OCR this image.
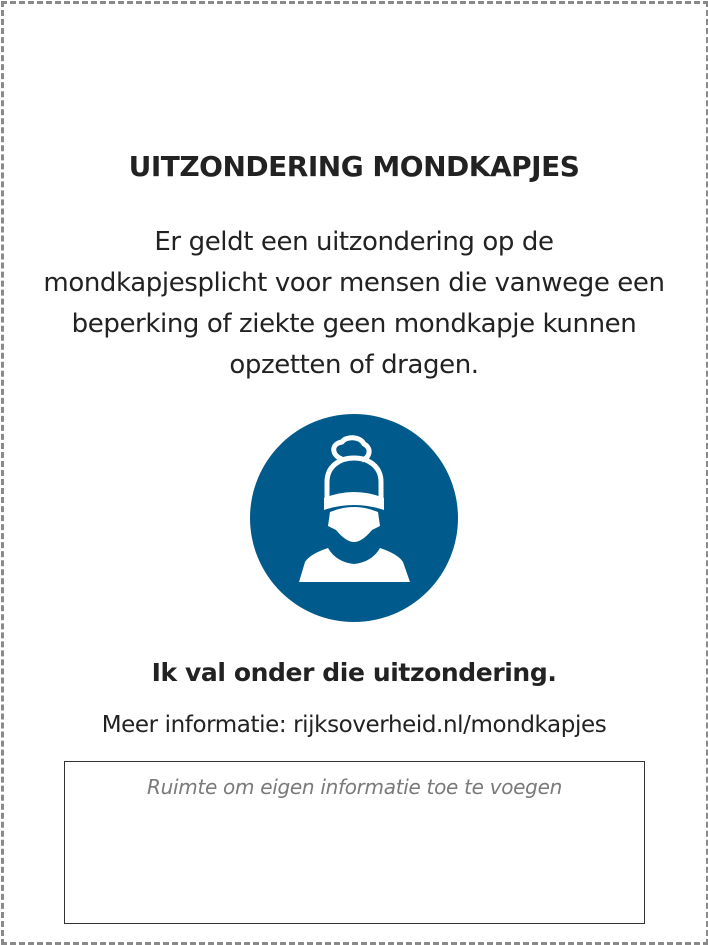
UITZONDERING MONDKAPJES
Er geldt een uitzondering op de mondkapjesplicht voor mensen die vanwege een beperking of ziekte geen mondkapje kunnen opzetten of dragen.
Ik val onder die uitzondering.
Meer informatie: rijksoverheid.nl/mondkapjes
Ruimte om eigen informatie toe te voegen
